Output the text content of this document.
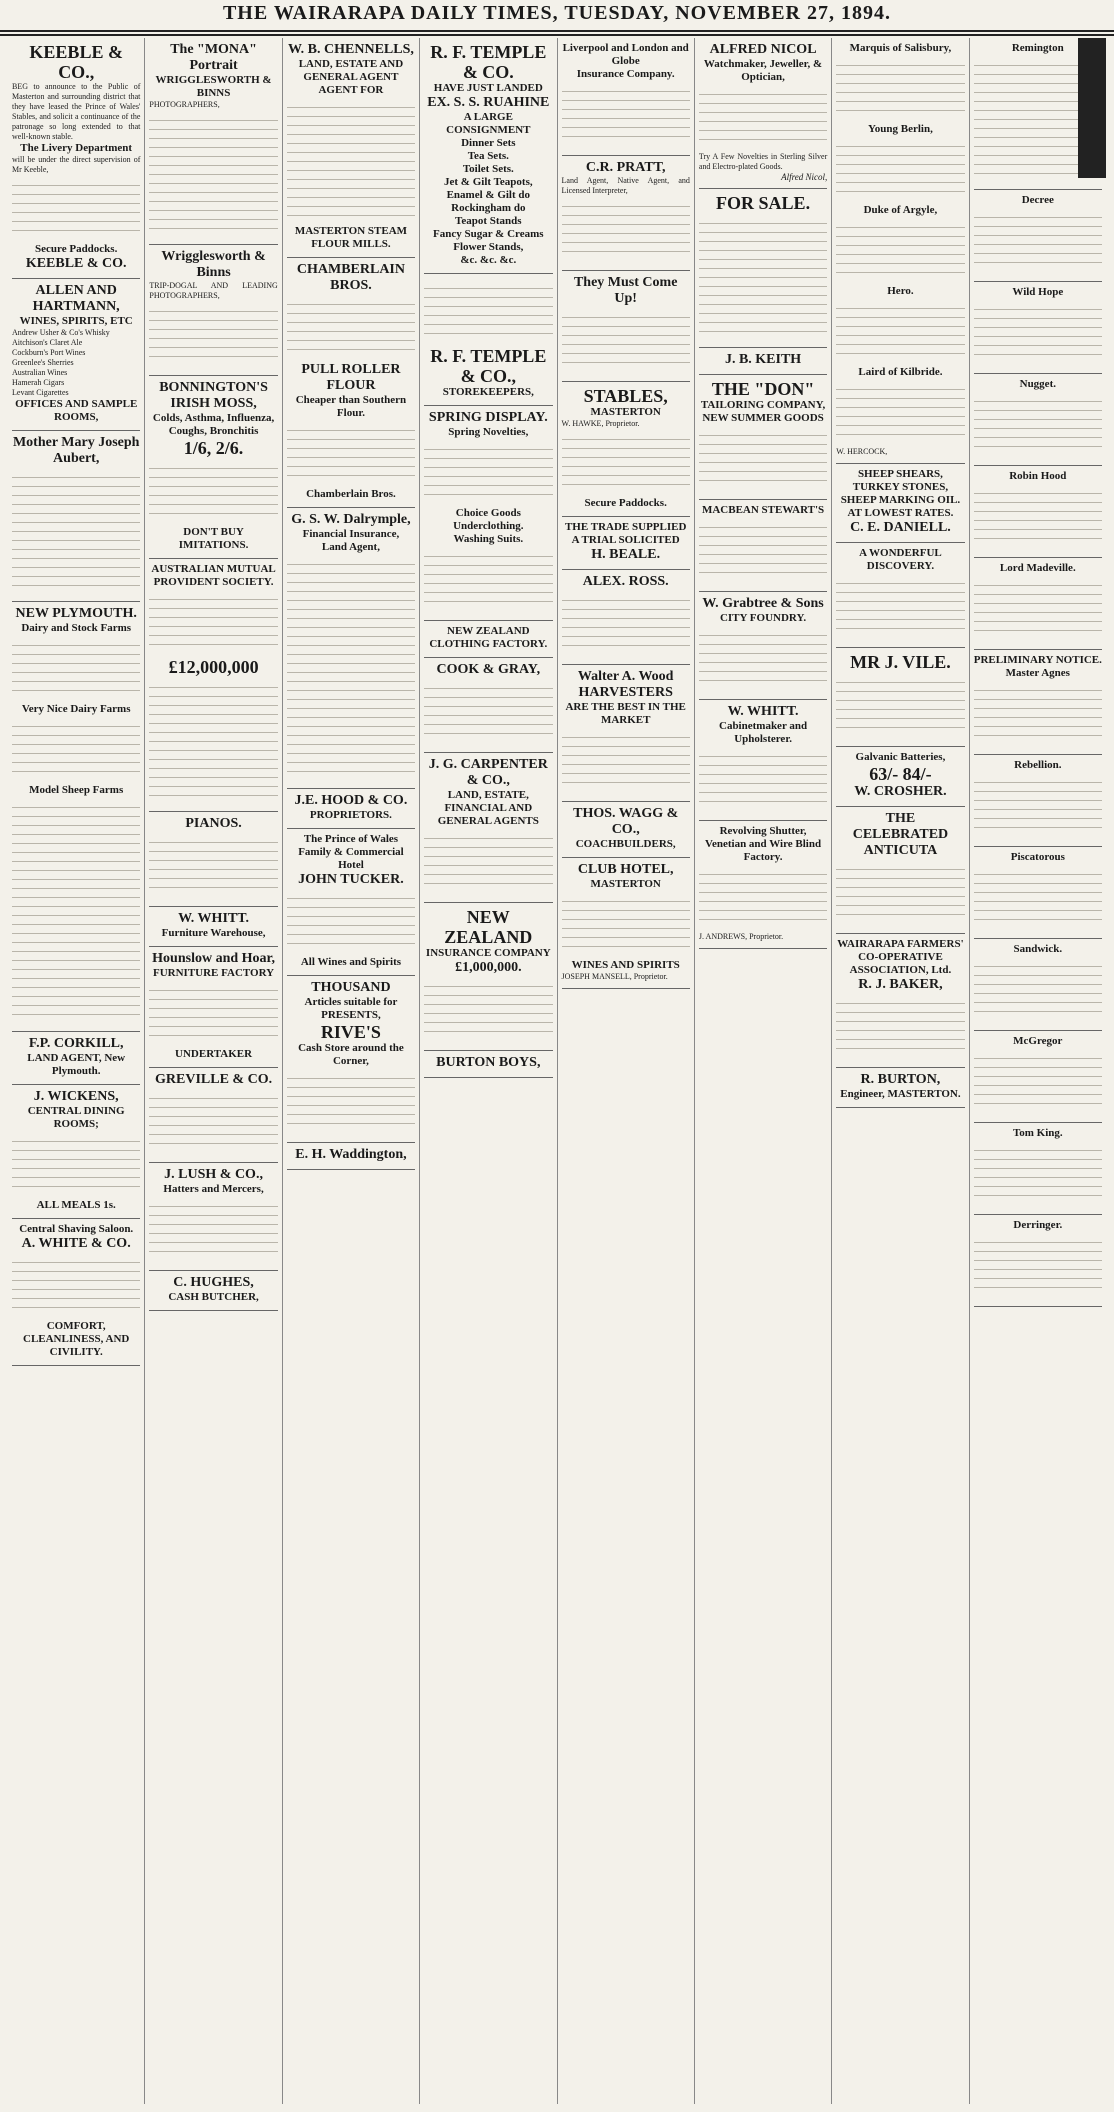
THE WAIRARAPA DAILY TIMES, TUESDAY, NOVEMBER 27, 1894.
KEEBLE & CO.,
BEG to announce to the Public of Masterton and surrounding district that they have leased the Prince of Wales' Stables, and solicit a continuance of the patronage so long extended to that well-known stable.
The Livery Department
will be under the direct supervision of Mr Keeble,
Secure Paddocks.
KEEBLE & CO.
ALLEN AND HARTMANN,
WINES, SPIRITS, ETC
Andrew Usher & Co's Whisky
Aitchison's Claret Ale
Cockburn's Port Wines
Greenlee's Sherries
Australian Wines
Hamerah Cigars
Levant Cigarettes
OFFICES AND SAMPLE ROOMS,
Mother Mary Joseph Aubert,
NEW PLYMOUTH.
Dairy and Stock Farms
Very Nice Dairy Farms
Model Sheep Farms
F.P. CORKILL,
LAND AGENT, New Plymouth.
J. WICKENS,
CENTRAL DINING ROOMS;
ALL MEALS 1s.
Central Shaving Saloon.
A. WHITE & CO.
COMFORT, CLEANLINESS, AND CIVILITY.
The "MONA" Portrait
WRIGGLESWORTH & BINNS
PHOTOGRAPHERS,
Wrigglesworth & Binns
TRIP-DOGAL AND LEADING PHOTOGRAPHERS,
BONNINGTON'S
IRISH MOSS,
Colds, Asthma, Influenza, Coughs, Bronchitis
1/6, 2/6.
DON'T BUY IMITATIONS.
AUSTRALIAN MUTUAL PROVIDENT SOCIETY.
£12,000,000
PIANOS.
W. WHITT.
Furniture Warehouse,
Hounslow and Hoar,
FURNITURE FACTORY
UNDERTAKER
GREVILLE & CO.
J. LUSH & CO.,
Hatters and Mercers,
C. HUGHES,
CASH BUTCHER,
W. B. CHENNELLS,
LAND, ESTATE AND GENERAL AGENT
AGENT FOR
MASTERTON STEAM FLOUR MILLS.
CHAMBERLAIN BROS.
PULL ROLLER FLOUR
Cheaper than Southern Flour.
Chamberlain Bros.
G. S. W. Dalrymple,
Financial Insurance,
Land Agent,
J.E. HOOD & CO.
PROPRIETORS.
The Prince of Wales Family & Commercial Hotel
JOHN TUCKER.
All Wines and Spirits
THOUSAND
Articles suitable for PRESENTS,
RIVE'S
Cash Store around the Corner,
E. H. Waddington,
R. F. TEMPLE & CO.
HAVE JUST LANDED
EX. S. S. RUAHINE
A LARGE CONSIGNMENT
Dinner Sets
Tea Sets.
Toilet Sets.
Jet & Gilt Teapots,
Enamel & Gilt do
Rockingham do
Teapot Stands
Fancy Sugar & Creams
Flower Stands,
&c. &c. &c.
R. F. TEMPLE & CO.,
STOREKEEPERS,
SPRING DISPLAY.
Spring Novelties,
Choice Goods
Underclothing.
Washing Suits.
NEW ZEALAND CLOTHING FACTORY.
COOK & GRAY,
J. G. CARPENTER & CO.,
LAND, ESTATE, FINANCIAL AND GENERAL AGENTS
NEW ZEALAND
INSURANCE COMPANY
£1,000,000.
BURTON BOYS,
Liverpool and London and Globe
Insurance Company.
C.R. PRATT,
Land Agent, Native Agent, and Licensed Interpreter,
They Must Come Up!
STABLES,
MASTERTON
W. HAWKE, Proprietor.
Secure Paddocks.
THE TRADE SUPPLIED
A TRIAL SOLICITED
H. BEALE.
ALEX. ROSS.
Walter A. Wood HARVESTERS
ARE THE BEST IN THE MARKET
THOS. WAGG & CO.,
COACHBUILDERS,
CLUB HOTEL,
MASTERTON
WINES AND SPIRITS
JOSEPH MANSELL, Proprietor.
ALFRED NICOL
Watchmaker, Jeweller, & Optician,
Try A Few Novelties in Sterling Silver and Electro-plated Goods.
Alfred Nicol,
FOR SALE.
J. B. KEITH
THE "DON"
TAILORING COMPANY,
NEW SUMMER GOODS
MACBEAN STEWART'S
W. Grabtree & Sons
CITY FOUNDRY.
W. WHITT.
Cabinetmaker and Upholsterer.
Revolving Shutter, Venetian and Wire Blind Factory.
J. ANDREWS, Proprietor.
Marquis of Salisbury,
Young Berlin,
Duke of Argyle,
Hero.
Laird of Kilbride.
W. HERCOCK,
SHEEP SHEARS, TURKEY STONES, SHEEP MARKING OIL.
AT LOWEST RATES.
C. E. DANIELL.
A WONDERFUL DISCOVERY.
MR J. VILE.
Galvanic Batteries,
63/- 84/-
W. CROSHER.
THE CELEBRATED ANTICUTA
WAIRARAPA FARMERS' CO-OPERATIVE ASSOCIATION, Ltd.
R. J. BAKER,
R. BURTON,
Engineer, MASTERTON.
Remington
Decree
Wild Hope
Nugget.
Robin Hood
Lord Madeville.
PRELIMINARY NOTICE.
Master Agnes
Rebellion.
Piscatorous
Sandwick.
McGregor
Tom King.
Derringer.
